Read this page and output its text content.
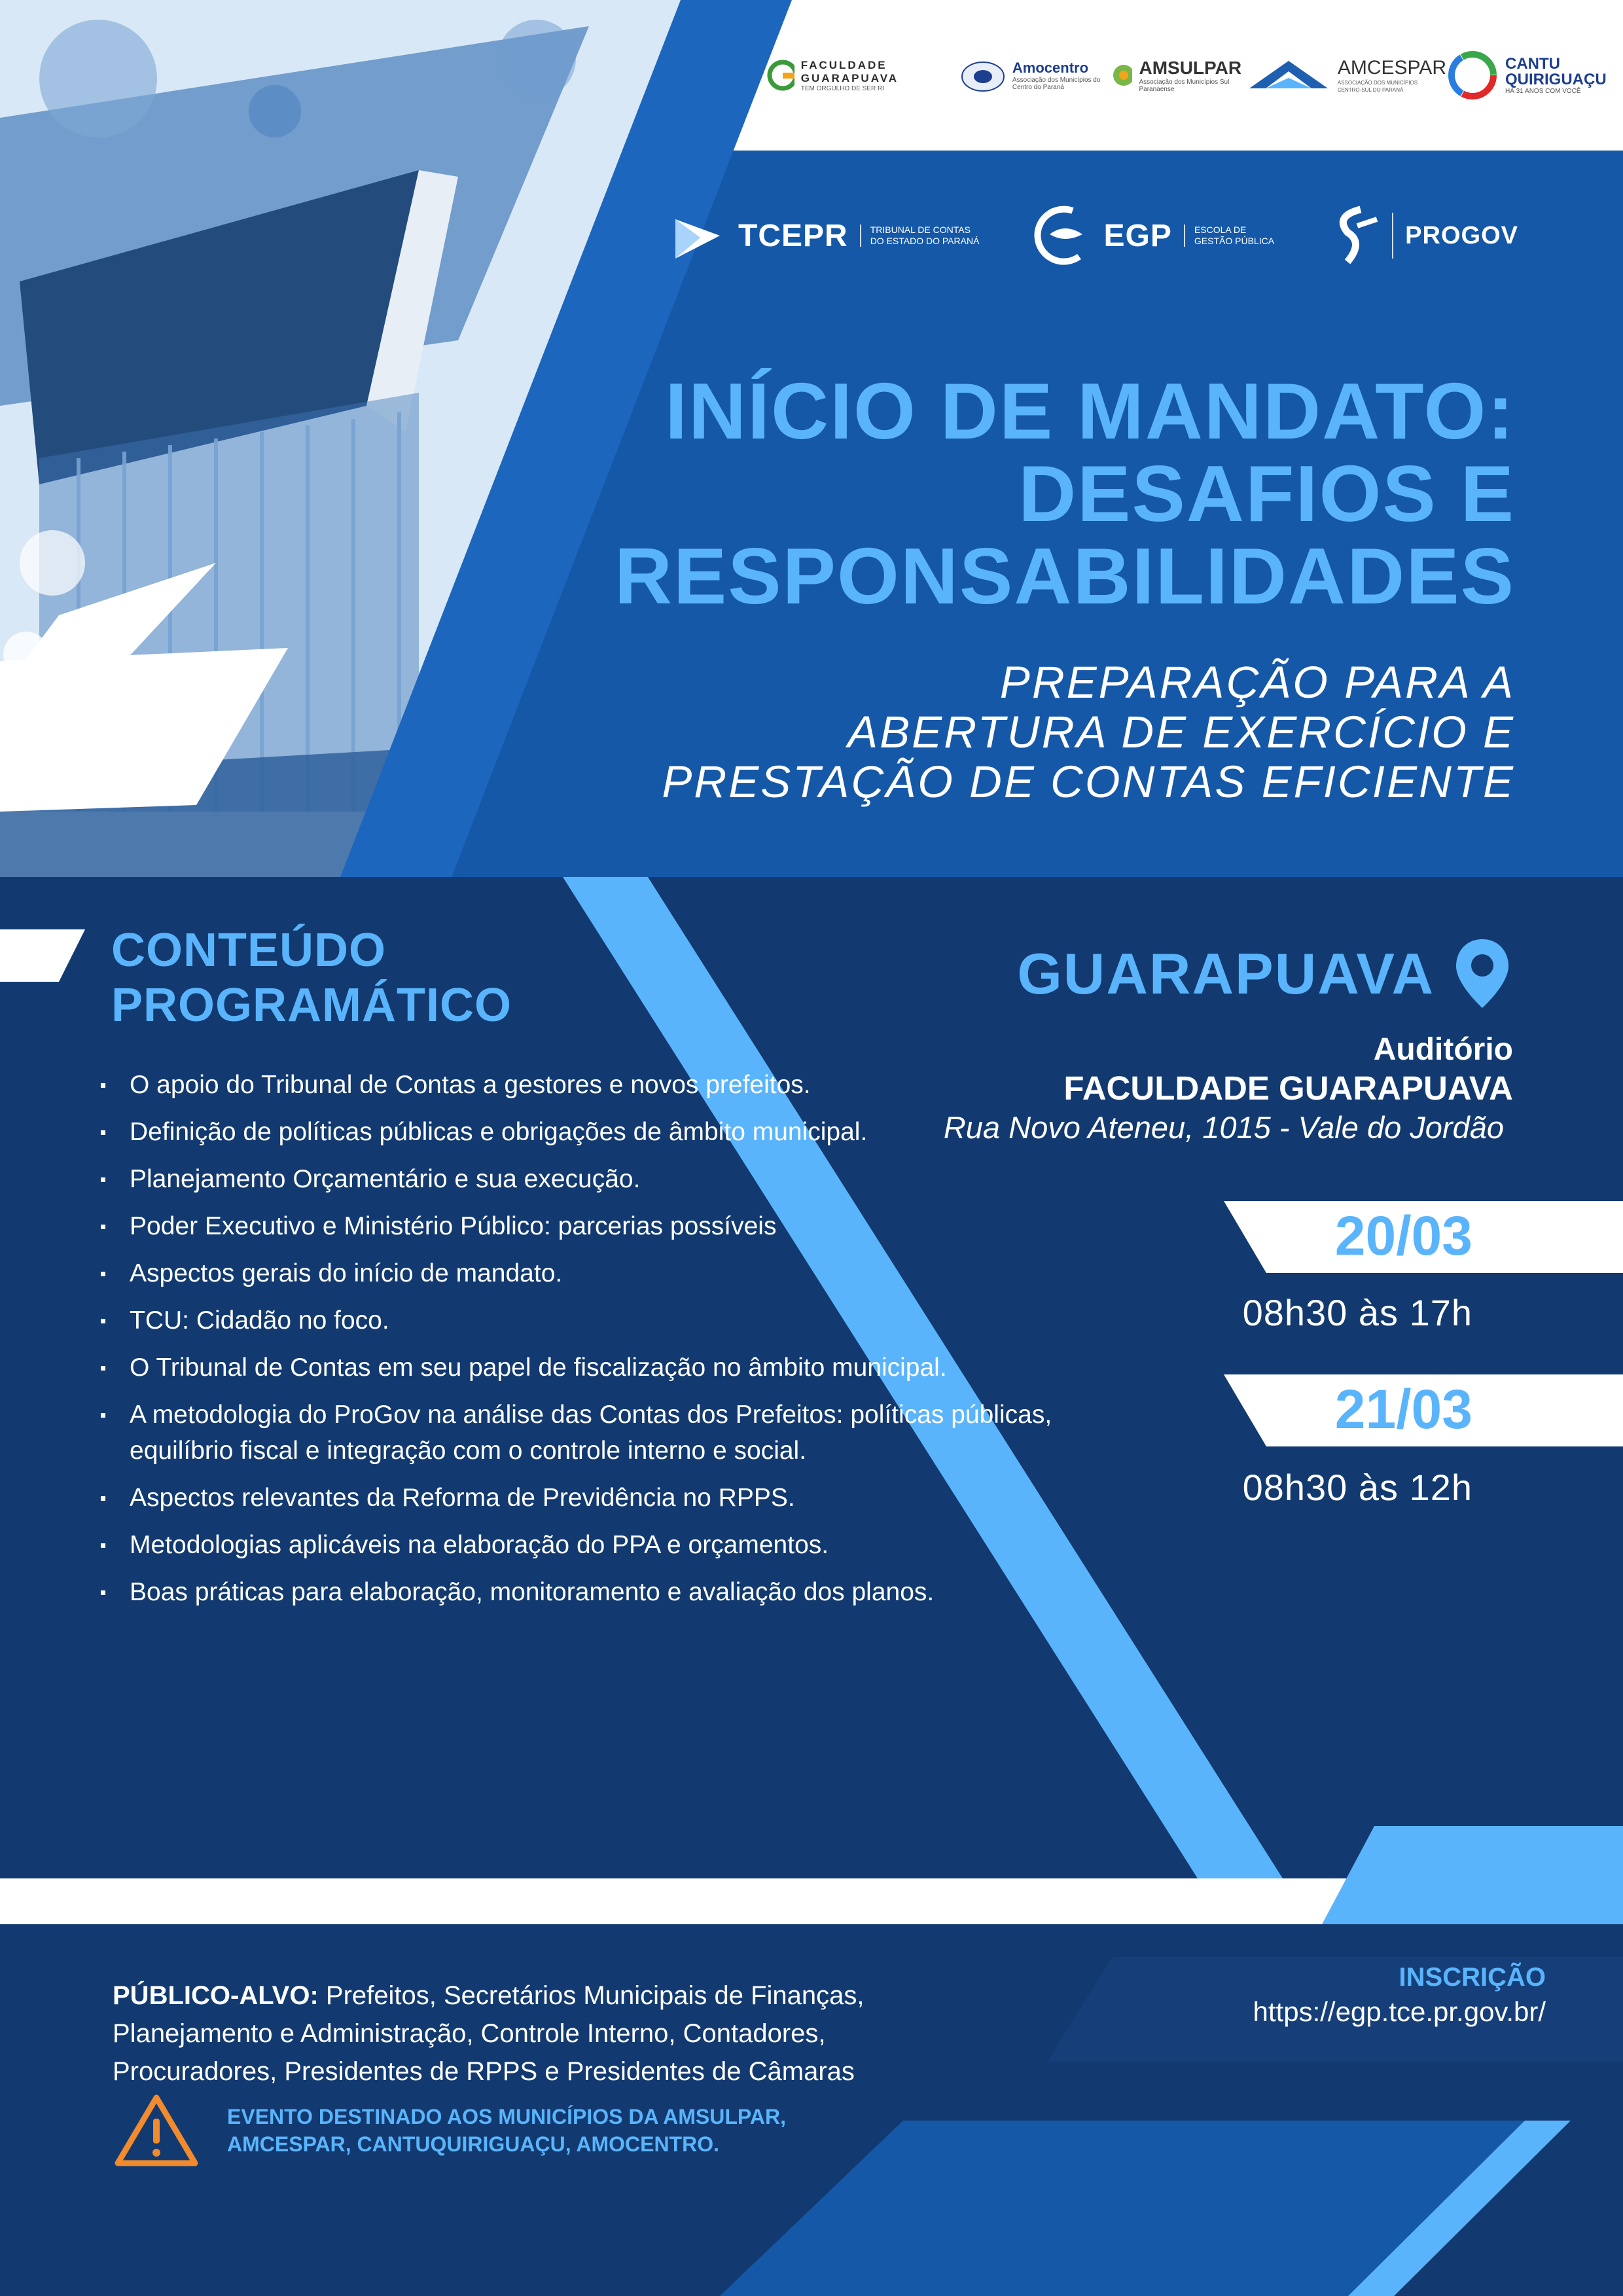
FACULDADE GUARAPUAVA
TEM ORGULHO DE SER RI
Amocentro
Associação dos Municípios do Centro do Paraná
AMSULPAR
Associação dos Municípios Sul Paranaense
AMCESPAR
ASSOCIAÇÃO DOS MUNICÍPIOS CENTRO-SUL DO PARANÁ
CANTU QUIRIGUAÇU
HÁ 31 ANOS COM VOCÊ
TCEPR TRIBUNAL DE CONTAS
DO ESTADO DO PARANÁ	EGP ESCOLA DE
GESTÃO PÚBLICA	PROGOV
INÍCIO DE MANDATO:
DESAFIOS E
RESPONSABILIDADES
PREPARAÇÃO PARA A
ABERTURA DE EXERCÍCIO E
PRESTAÇÃO DE CONTAS EFICIENTE
CONTEÚDO
PROGRAMÁTICO
O apoio do Tribunal de Contas a gestores e novos prefeitos.
Definição de políticas públicas e obrigações de âmbito municipal.
Planejamento Orçamentário e sua execução.
Poder Executivo e Ministério Público: parcerias possíveis
Aspectos gerais do início de mandato.
TCU: Cidadão no foco.
O Tribunal de Contas em seu papel de fiscalização no âmbito municipal.
A metodologia do ProGov na análise das Contas dos Prefeitos: políticas públicas, equilíbrio fiscal e integração com o controle interno e social.
Aspectos relevantes da Reforma de Previdência no RPPS.
Metodologias aplicáveis na elaboração do PPA e orçamentos.
Boas práticas para elaboração, monitoramento e avaliação dos planos.
GUARAPUAVA
Auditório
FACULDADE GUARAPUAVA
Rua Novo Ateneu, 1015 - Vale do Jordão
20/03
08h30 às 17h
21/03
08h30 às 12h
PÚBLICO-ALVO: Prefeitos, Secretários Municipais de Finanças, Planejamento e Administração, Controle Interno, Contadores, Procuradores, Presidentes de RPPS e Presidentes de Câmaras
INSCRIÇÃO
https://egp.tce.pr.gov.br/
EVENTO DESTINADO AOS MUNICÍPIOS DA AMSULPAR,
AMCESPAR, CANTUQUIRIGUAÇU, AMOCENTRO.
